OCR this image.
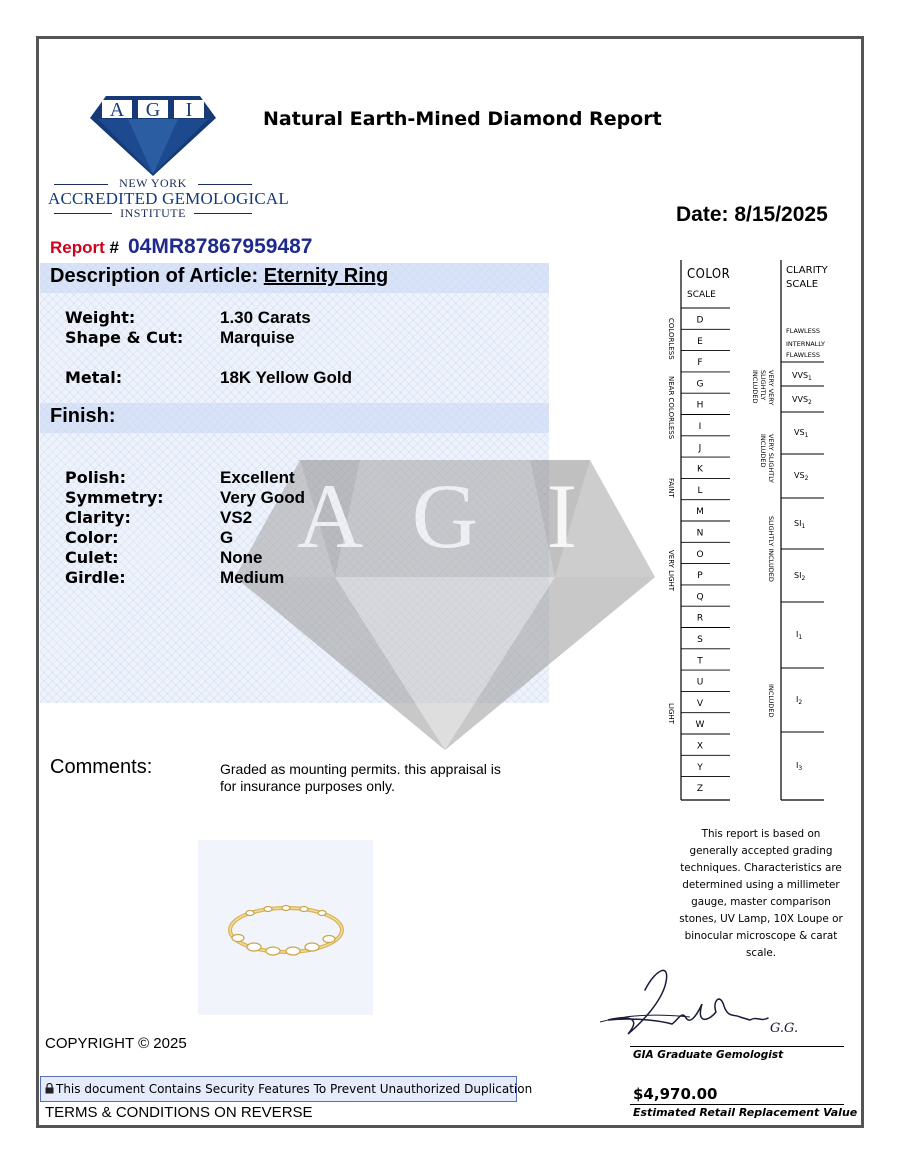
A G I
NEW YORK
ACCREDITED GEMOLOGICAL
INSTITUTE
Natural Earth-Mined Diamond Report
Date: 8/15/2025
Report # 04MR87867959487
A G I
Description of Article: Eternity Ring
Weight:	1.30 Carats
Shape & Cut: Marquise
Metal:	18K Yellow Gold
Finish:
Polish:	Excellent
Symmetry:	Very Good
Clarity:	VS2
Color:	G
Culet:	None
Girdle:	Medium
Comments:	Graded as mounting permits. this appraisal is for insurance purposes only.
COLOR
SCALE
D
E
F
G
H
I
J
K
L
M
N
O
P
Q
R
S
T
U
V
W
X
Y
Z
COLORLESS
NEAR COLORLESS
FAINT
VERY LIGHT
LIGHT
CLARITY
SCALE
FLAWLESS
INTERNALLY
FLAWLESS
$VVS_1$
$VVS_2$
$VS_1$
$VS_2$
$SI_1$
$SI_2$
$I_1$
$I_2$
$I_3$
VERY VERY
SLIGHTLY
INCLUDED
VERY SLIGHTLY
INCLUDED
SLIGHTLY INCLUDED
INCLUDED
This report is based on generally accepted grading techniques. Characteristics are determined using a millimeter gauge, master comparison stones, UV Lamp, 10X Loupe or binocular microscope & carat scale.
G.G.
GIA Graduate Gemologist
$4,970.00
Estimated Retail Replacement Value
COPYRIGHT © 2025
This document Contains Security Features To Prevent Unauthorized Duplication
TERMS & CONDITIONS ON REVERSE
